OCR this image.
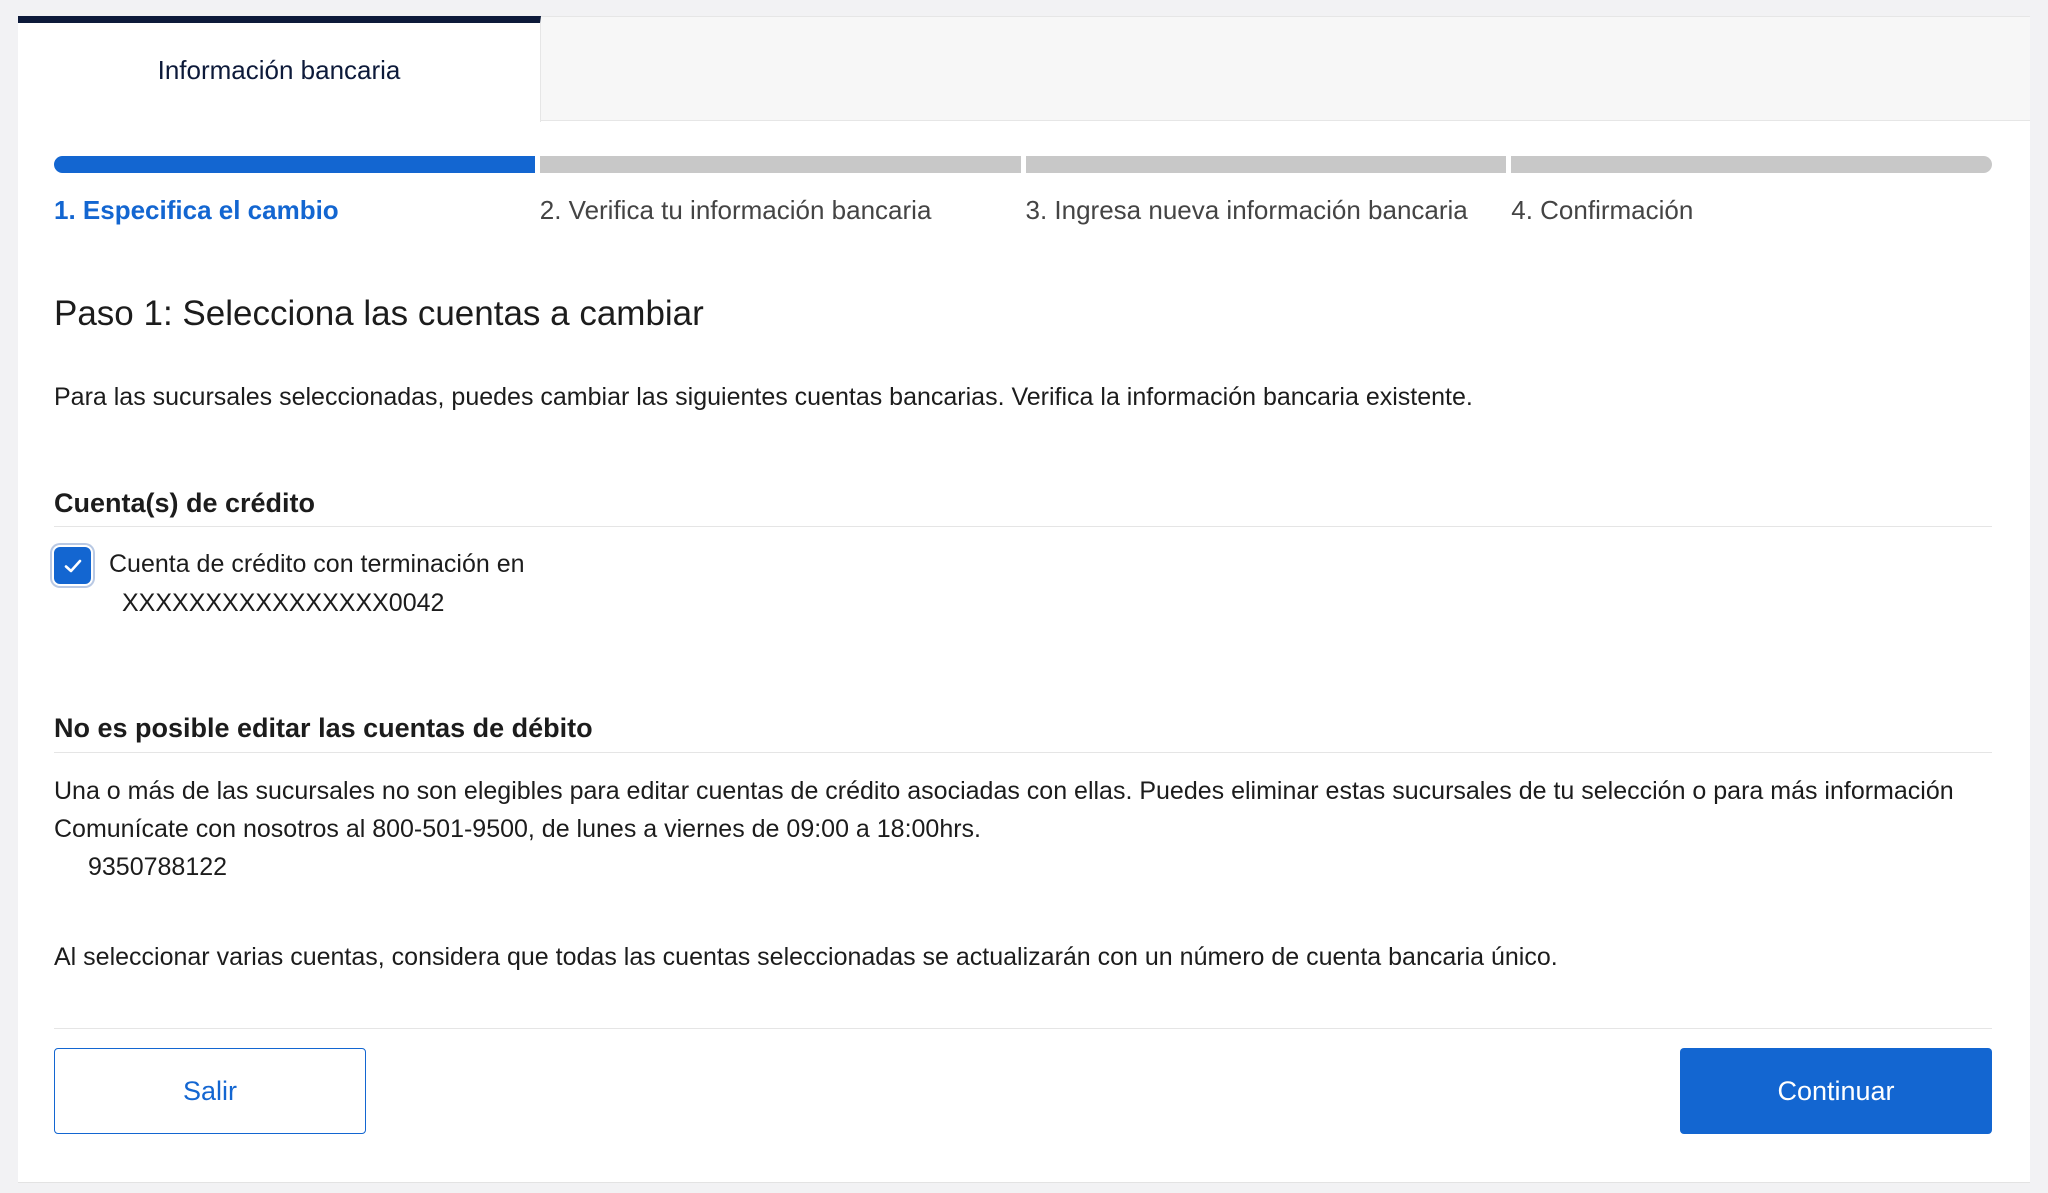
Información bancaria
1. Especifica el cambio	2. Verifica tu información bancaria	3. Ingresa nueva información bancaria	4. Confirmación
Paso 1: Selecciona las cuentas a cambiar
Para las sucursales seleccionadas, puedes cambiar las siguientes cuentas bancarias. Verifica la información bancaria existente.
Cuenta(s) de crédito
Cuenta de crédito con terminación en
XXXXXXXXXXXXXXXX0042
No es posible editar las cuentas de débito
Una o más de las sucursales no son elegibles para editar cuentas de crédito asociadas con ellas. Puedes eliminar estas sucursales de tu selección o para más información Comunícate con nosotros al 800-501-9500, de lunes a viernes de 09:00 a 18:00hrs.
9350788122
Al seleccionar varias cuentas, considera que todas las cuentas seleccionadas se actualizarán con un número de cuenta bancaria único.
Salir	Continuar
